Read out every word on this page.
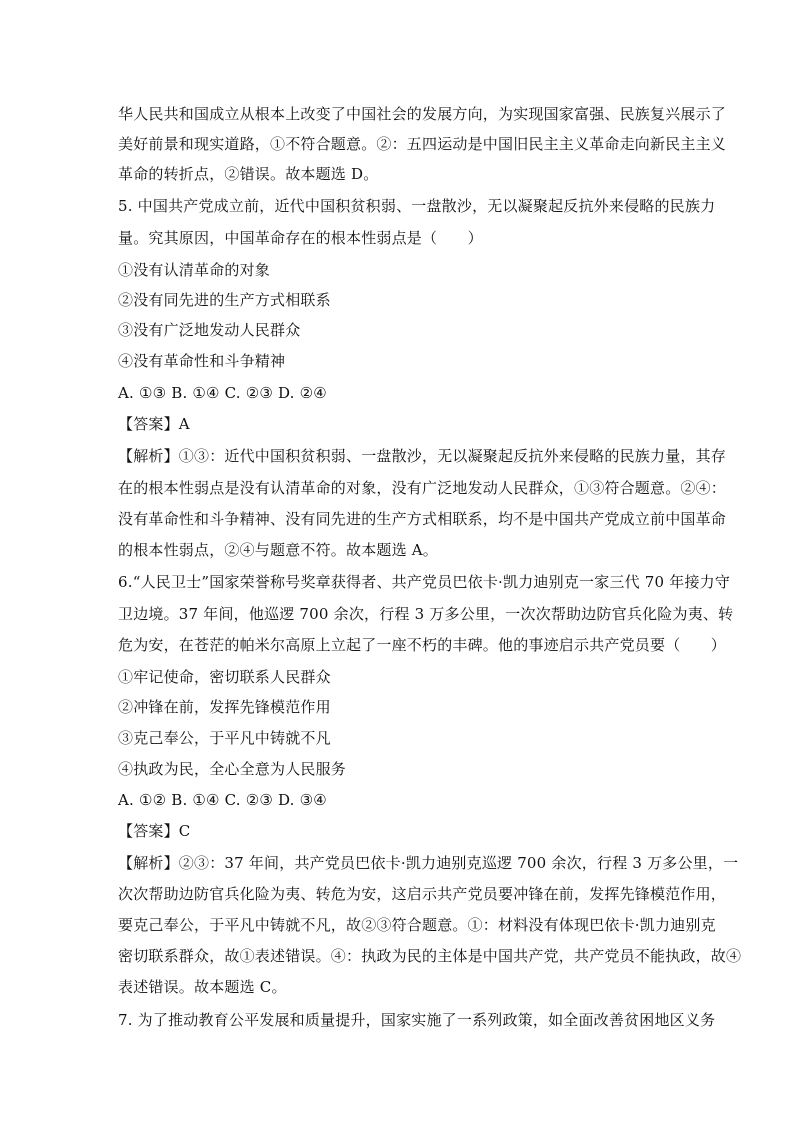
华人民共和国成立从根本上改变了中国社会的发展方向，为实现国家富强、民族复兴展示了
美好前景和现实道路，①不符合题意。②：五四运动是中国旧民主主义革命走向新民主主义
革命的转折点，②错误。故本题选 D。
5. 中国共产党成立前，近代中国积贫积弱、一盘散沙，无以凝聚起反抗外来侵略的民族力
量。究其原因，中国革命存在的根本性弱点是（　　）
①没有认清革命的对象
②没有同先进的生产方式相联系
③没有广泛地发动人民群众
④没有革命性和斗争精神
A. ①③ B. ①④ C. ②③ D. ②④
【答案】A
【解析】①③：近代中国积贫积弱、一盘散沙，无以凝聚起反抗外来侵略的民族力量，其存
在的根本性弱点是没有认清革命的对象，没有广泛地发动人民群众，①③符合题意。②④：
没有革命性和斗争精神、没有同先进的生产方式相联系，均不是中国共产党成立前中国革命
的根本性弱点，②④与题意不符。故本题选 A。
6.“人民卫士”国家荣誉称号奖章获得者、共产党员巴依卡·凯力迪别克一家三代 70 年接力守
卫边境。37 年间，他巡逻 700 余次，行程 3 万多公里，一次次帮助边防官兵化险为夷、转
危为安，在苍茫的帕米尔高原上立起了一座不朽的丰碑。他的事迹启示共产党员要（　　）
①牢记使命，密切联系人民群众
②冲锋在前，发挥先锋模范作用
③克己奉公，于平凡中铸就不凡
④执政为民，全心全意为人民服务
A. ①② B. ①④ C. ②③ D. ③④
【答案】C
【解析】②③：37 年间，共产党员巴依卡·凯力迪别克巡逻 700 余次，行程 3 万多公里，一
次次帮助边防官兵化险为夷、转危为安，这启示共产党员要冲锋在前，发挥先锋模范作用，
要克己奉公，于平凡中铸就不凡，故②③符合题意。①：材料没有体现巴依卡·凯力迪别克
密切联系群众，故①表述错误。④：执政为民的主体是中国共产党，共产党员不能执政，故④
表述错误。故本题选 C。
7. 为了推动教育公平发展和质量提升，国家实施了一系列政策，如全面改善贫困地区义务
